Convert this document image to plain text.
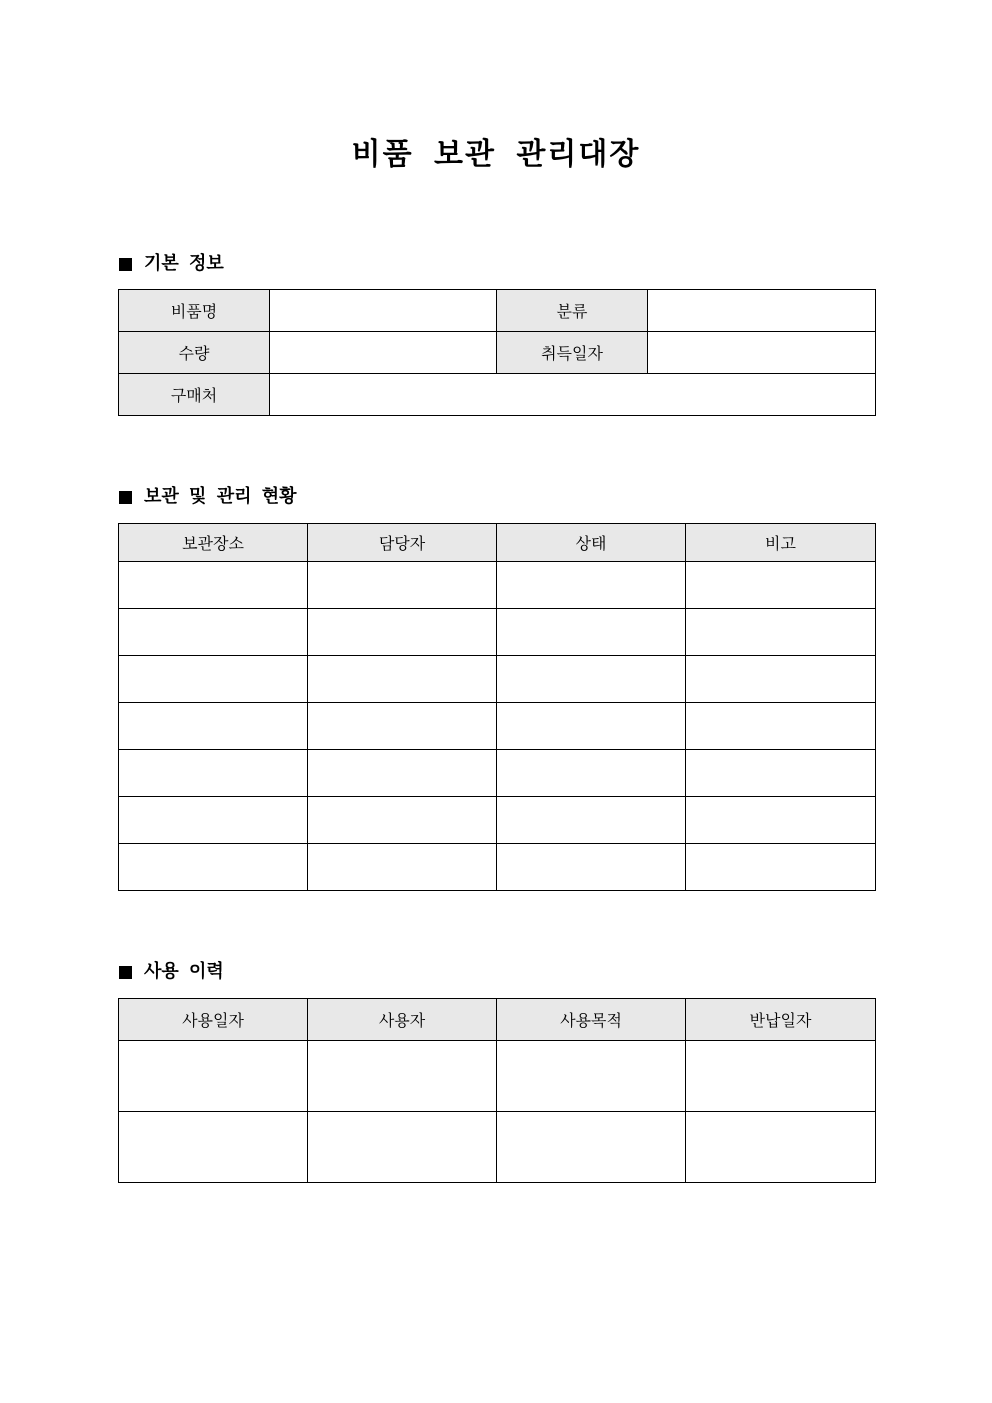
비품 보관 관리대장
기본 정보
비품명		분류	
수량		취득일자	
구매처			
보관 및 관리 현황
보관장소	담당자	상태	비고

사용 이력
사용일자	사용자	사용목적	반납일자
